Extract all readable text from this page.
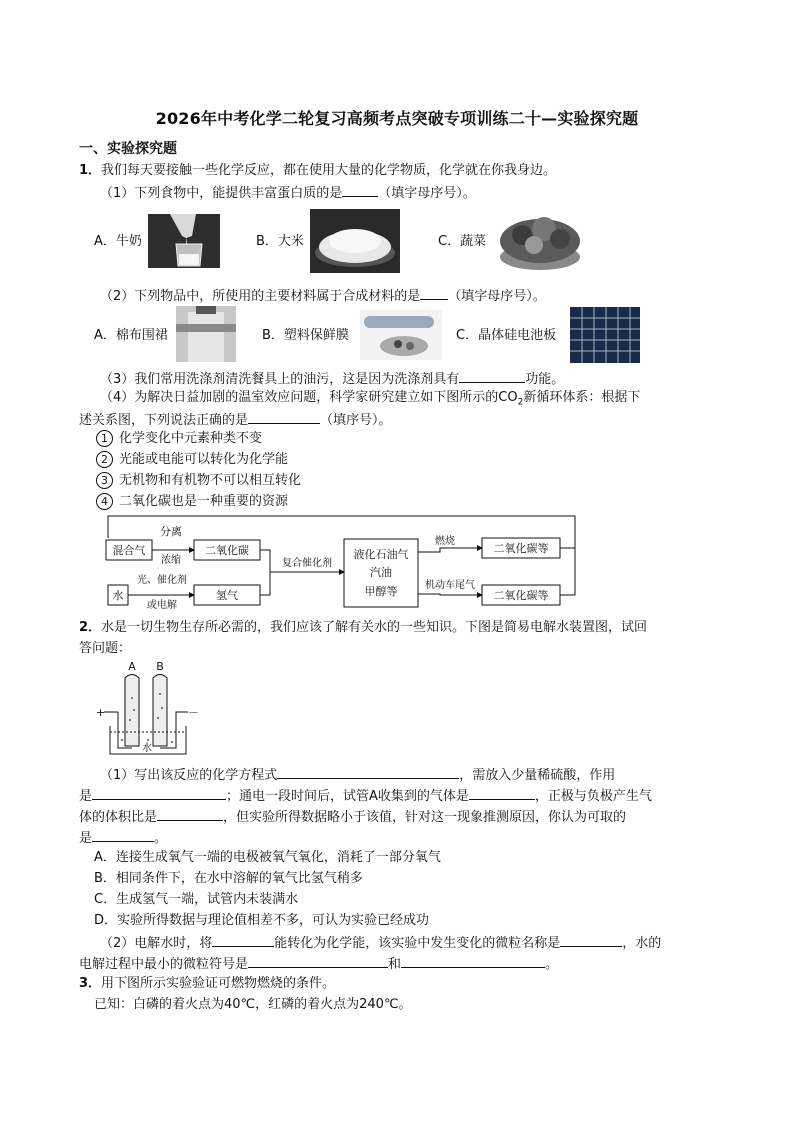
2026年中考化学二轮复习高频考点突破专项训练二十—实验探究题
一、实验探究题
1．我们每天要接触一些化学反应，都在使用大量的化学物质，化学就在你我身边。
（1）下列食物中，能提供丰富蛋白质的是	（填字母序号）。
A．牛奶	B．大米	C．蔬菜
（2）下列物品中，所使用的主要材料属于合成材料的是 （填字母序号）。
A．棉布围裙	B．塑料保鲜膜	C．晶体硅电池板
（3）我们常用洗涤剂清洗餐具上的油污，这是因为洗涤剂具有	功能。
（4）为解决日益加剧的温室效应问题，科学家研究建立如下图所示的$CO_2$新循环体系：根据下
述关系图，下列说法正确的是	（填序号）。
1 化学变化中元素种类不变
2 光能或电能可以转化为化学能
3 无机物和有机物不可以相互转化
4 二氧化碳也是一种重要的资源
混合气
分离
浓缩
二氧化碳
水
光、催化剂
或电解
氢气
复合催化剂
液化石油气
汽油
甲醇等
燃烧
机动车尾气
二氧化碳等
二氧化碳等
2．水是一切生物生存所必需的，我们应该了解有关水的一些知识。下图是简易电解水装置图，试回
答问题：
A B
+	－
水
（1）写出该反应的化学方程式	，需放入少量稀硫酸，作用
是	；通电一段时间后，试管A收集到的气体是	，正极与负极产生气
体的体积比是	，但实验所得数据略小于该值，针对这一现象推测原因，你认为可取的
是	。
A．连接生成氧气一端的电极被氧气氧化，消耗了一部分氧气
B．相同条件下，在水中溶解的氧气比氢气稍多
C．生成氢气一端，试管内未装满水
D．实验所得数据与理论值相差不多，可认为实验已经成功
（2）电解水时，将	能转化为化学能，该实验中发生变化的微粒名称是	，水的
电解过程中最小的微粒符号是	和	。
3．用下图所示实验验证可燃物燃烧的条件。
已知：白磷的着火点为40℃，红磷的着火点为240℃。
